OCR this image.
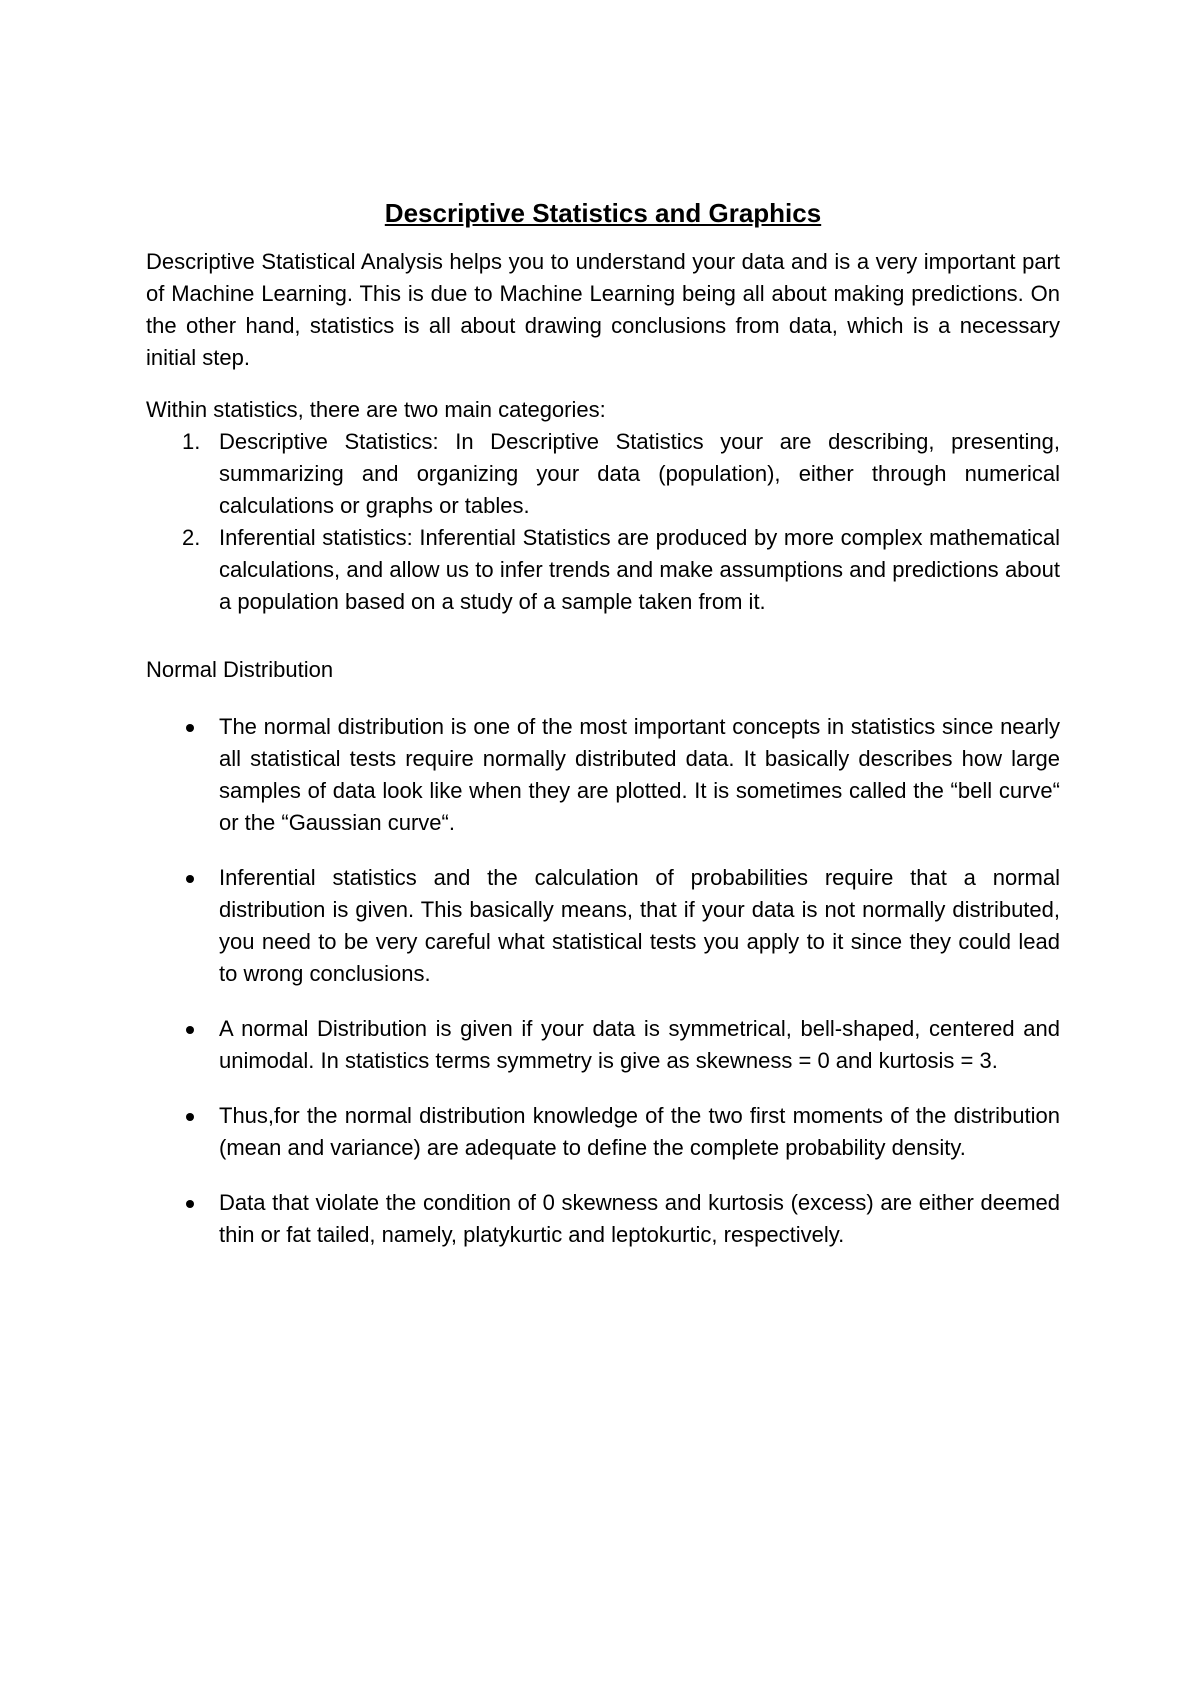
Descriptive Statistics and Graphics

Descriptive Statistical Analysis helps you to understand your data and is a very important part of Machine Learning. This is due to Machine Learning being all about making predictions. On the other hand, statistics is all about drawing conclusions from data, which is a necessary initial step.

Within statistics, there are two main categories:

1. Descriptive Statistics: In Descriptive Statistics your are describing, presenting, summarizing and organizing your data (population), either through numerical calculations or graphs or tables.
2. Inferential statistics: Inferential Statistics are produced by more complex mathematical calculations, and allow us to infer trends and make assumptions and predictions about a population based on a study of a sample taken from it.

Normal Distribution

The normal distribution is one of the most important concepts in statistics since nearly all statistical tests require normally distributed data. It basically describes how large samples of data look like when they are plotted. It is sometimes called the “bell curve“ or the “Gaussian curve“.
Inferential statistics and the calculation of probabilities require that a normal distribution is given. This basically means, that if your data is not normally distributed, you need to be very careful what statistical tests you apply to it since they could lead to wrong conclusions.
A normal Distribution is given if your data is symmetrical, bell-shaped, centered and unimodal. In statistics terms symmetry is give as skewness = 0 and kurtosis = 3.
Thus,for the normal distribution knowledge of the two first moments of the distribution (mean and variance) are adequate to define the complete probability density.
Data that violate the condition of 0 skewness and kurtosis (excess) are either deemed thin or fat tailed, namely, platykurtic and leptokurtic, respectively.
